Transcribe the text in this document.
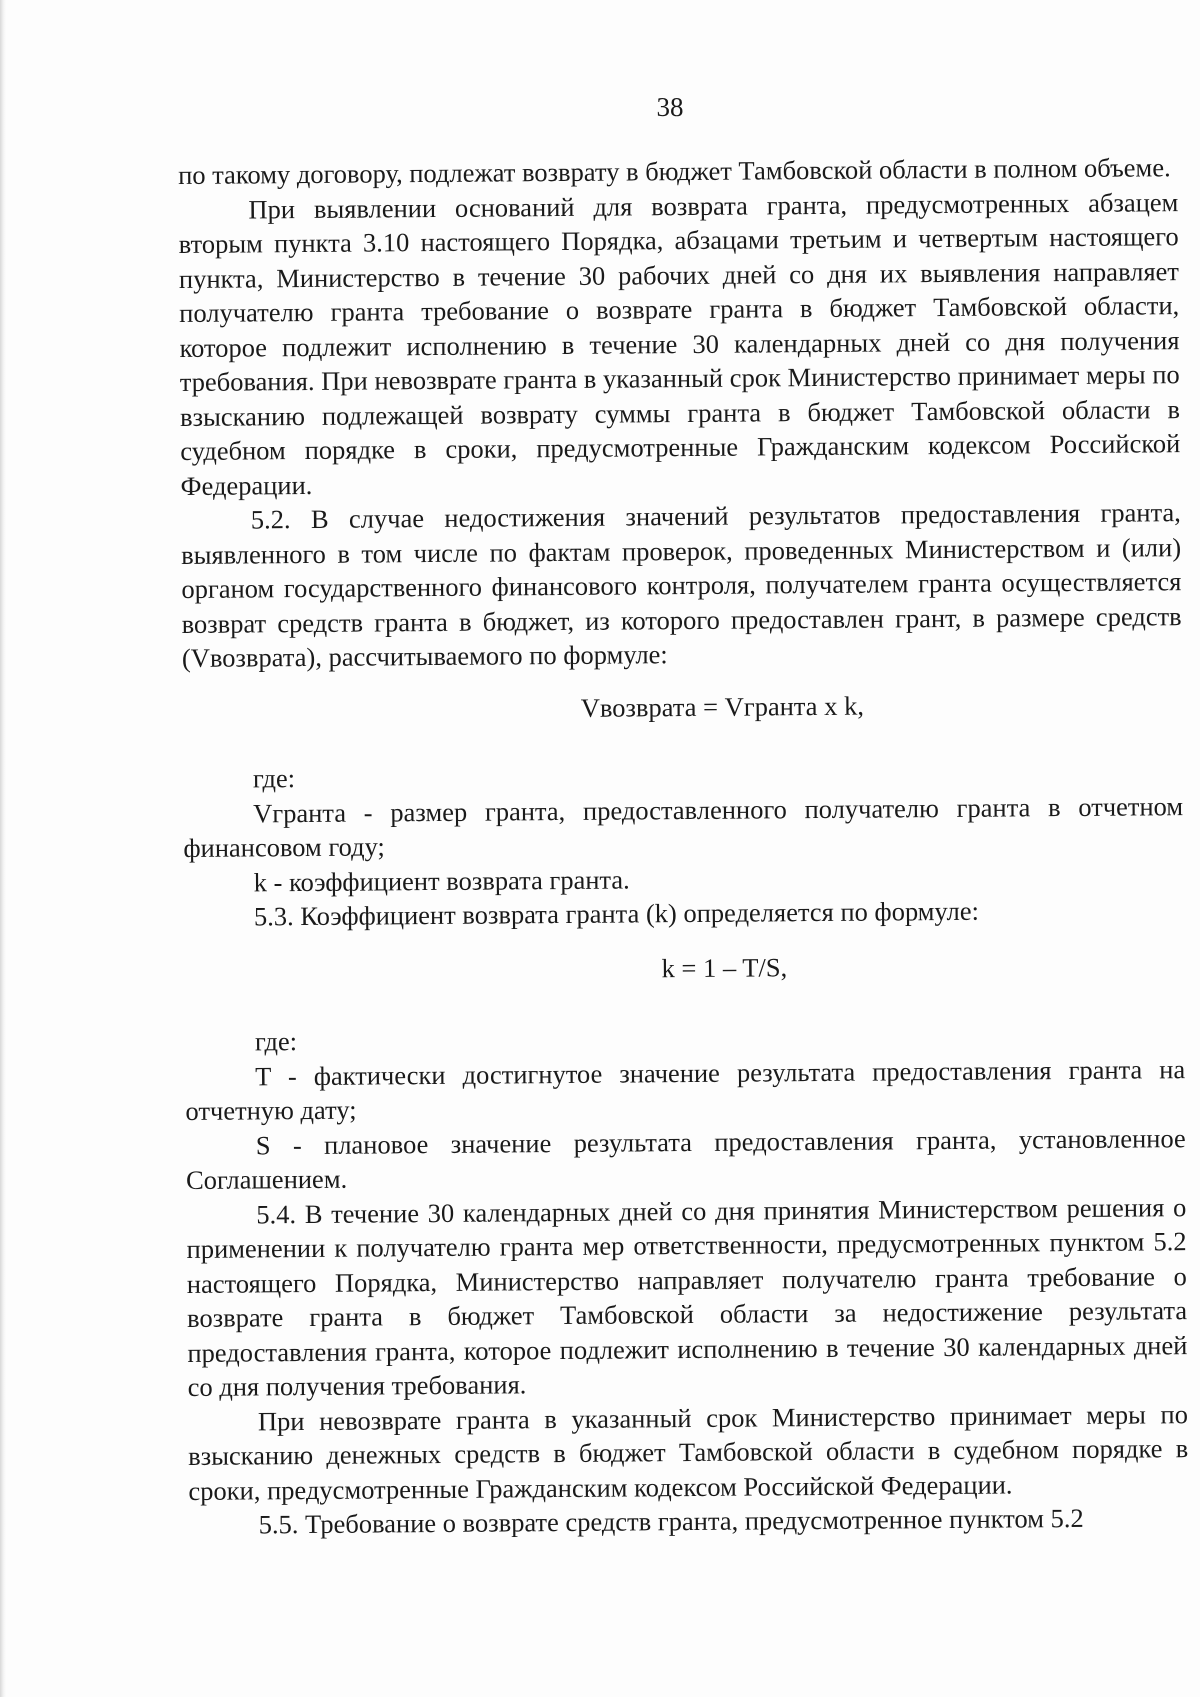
38

по такому договору, подлежат возврату в бюджет Тамбовской области в полном объеме.

При выявлении оснований для возврата гранта, предусмотренных абзацем вторым пункта 3.10 настоящего Порядка, абзацами третьим и четвертым настоящего пункта, Министерство в течение 30 рабочих дней со дня их выявления направляет получателю гранта требование о возврате гранта в бюджет Тамбовской области, которое подлежит исполнению в течение 30 календарных дней со дня получения требования. При невозврате гранта в указанный срок Министерство принимает меры по взысканию подлежащей возврату суммы гранта в бюджет Тамбовской области в судебном порядке в сроки, предусмотренные Гражданским кодексом Российской Федерации.

5.2. В случае недостижения значений результатов предоставления гранта, выявленного в том числе по фактам проверок, проведенных Министерством и (или) органом государственного финансового контроля, получателем гранта осуществляется возврат средств гранта в бюджет, из которого предоставлен грант, в размере средств (Vвозврата), рассчитываемого по формуле:

Vвозврата = Vгранта x k,

где:

Vгранта - размер гранта, предоставленного получателю гранта в отчетном финансовом году;

k - коэффициент возврата гранта.

5.3. Коэффициент возврата гранта (k) определяется по формуле:

k = 1 – T/S,

где:

T - фактически достигнутое значение результата предоставления гранта на отчетную дату;

S - плановое значение результата предоставления гранта, установленное Соглашением.

5.4. В течение 30 календарных дней со дня принятия Министерством решения о применении к получателю гранта мер ответственности, предусмотренных пунктом 5.2 настоящего Порядка, Министерство направляет получателю гранта требование о возврате гранта в бюджет Тамбовской области за недостижение результата предоставления гранта, которое подлежит исполнению в течение 30 календарных дней со дня получения требования.

При невозврате гранта в указанный срок Министерство принимает меры по взысканию денежных средств в бюджет Тамбовской области в судебном порядке в сроки, предусмотренные Гражданским кодексом Российской Федерации.

5.5. Требование о возврате средств гранта, предусмотренное пунктом 5.2
